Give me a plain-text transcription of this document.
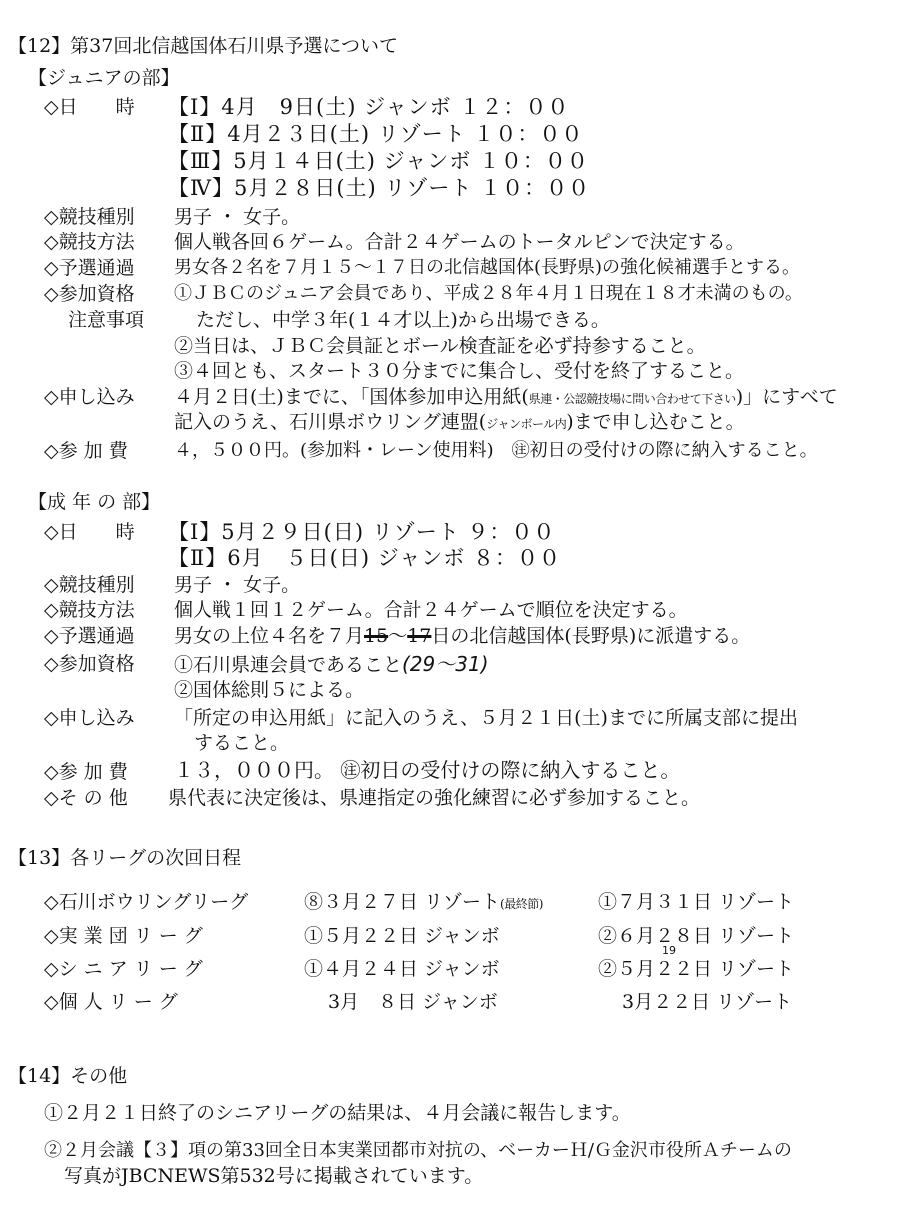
【12】第37回北信越国体石川県予選について
【ジュニアの部】
◇日　　時 【Ⅰ】4月　9日(土) ジャンボ １２：００
【Ⅱ】4月２３日(土) リゾート １０：００
【Ⅲ】5月１４日(土) ジャンボ １０：００
【Ⅳ】5月２８日(土) リゾート １０：００
◇競技種別 男子 ・ 女子。
◇競技方法 個人戦各回６ゲーム。合計２４ゲームのトータルピンで決定する。
◇予選通過 男女各２名を７月１５～１７日の北信越国体(長野県)の強化候補選手とする。
◇参加資格 ①ＪＢＣのジュニア会員であり、平成２８年４月１日現在１８才未満のもの。
注意事項	ただし、中学３年(１４才以上)から出場できる。
②当日は、ＪＢＣ会員証とボール検査証を必ず持参すること。
③４回とも、スタート３０分までに集合し、受付を終了すること。
◇申し込み ４月２日(土)までに、「国体参加申込用紙(県連・公認競技場に問い合わせて下さい)」にすべて
記入のうえ、石川県ボウリング連盟(ジャンボール内)まで申し込むこと。
◇参 加 費	４，５００円。(参加料・レーン使用料)　㊟初日の受付けの際に納入すること。
【成 年 の 部】
◇日　　時 【Ⅰ】5月２９日(日) リゾート ９：００
【Ⅱ】6月　５日(日) ジャンボ ８：００
◇競技種別 男子 ・ 女子。
◇競技方法 個人戦１回１２ゲーム。合計２４ゲームで順位を決定する。
◇予選通過 男女の上位４名を７月15～17日の北信越国体(長野県)に派遣する。
◇参加資格 ①石川県連会員であること(29～31)
②国体総則５による。
◇申し込み 「所定の申込用紙」に記入のうえ、５月２１日(土)までに所属支部に提出
すること。
◇参 加 費 １３，０００円。 ㊟初日の受付けの際に納入すること。
◇そ の 他 県代表に決定後は、県連指定の強化練習に必ず参加すること。
【13】各リーグの次回日程
◇石川ボウリングリーグ	⑧３月２７日 リゾート(最終節)	①７月３１日 リゾート
◇実 業 団 リ ー グ	①５月２２日 ジャンボ	②６月２８日 リゾート
19
◇シ ニ ア リ ー グ	①４月２４日 ジャンボ	②５月２２日 リゾート
◇個 人 リ ー グ	3月　８日 ジャンボ	3月２２日 リゾート
【14】その他
①２月２１日終了のシニアリーグの結果は、４月会議に報告します。
②２月会議【３】項の第33回全日本実業団都市対抗の、ベーカーＨ/Ｇ金沢市役所Ａチームの
写真がJBCNEWS第532号に掲載されています。
